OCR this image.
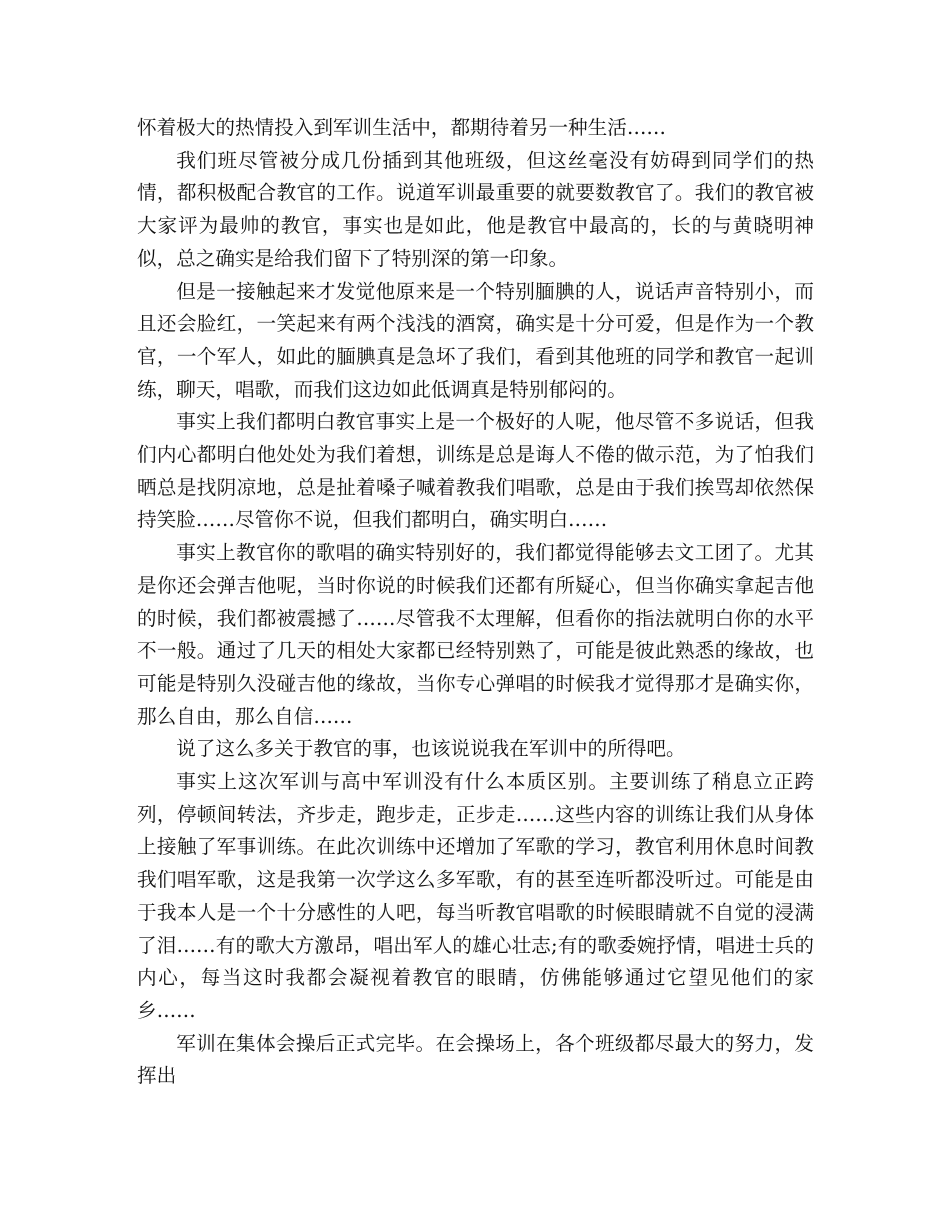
怀着极大的热情投入到军训生活中，都期待着另一种生活……

我们班尽管被分成几份插到其他班级，但这丝毫没有妨碍到同学们的热情，都积极配合教官的工作。说道军训最重要的就要数教官了。我们的教官被大家评为最帅的教官，事实也是如此，他是教官中最高的，长的与黄晓明神似，总之确实是给我们留下了特别深的第一印象。

但是一接触起来才发觉他原来是一个特别腼腆的人，说话声音特别小，而且还会脸红，一笑起来有两个浅浅的酒窝，确实是十分可爱，但是作为一个教官，一个军人，如此的腼腆真是急坏了我们，看到其他班的同学和教官一起训练，聊天，唱歌，而我们这边如此低调真是特别郁闷的。

事实上我们都明白教官事实上是一个极好的人呢，他尽管不多说话，但我们内心都明白他处处为我们着想，训练是总是诲人不倦的做示范，为了怕我们晒总是找阴凉地，总是扯着嗓子喊着教我们唱歌，总是由于我们挨骂却依然保持笑脸……尽管你不说，但我们都明白，确实明白……

事实上教官你的歌唱的确实特别好的，我们都觉得能够去文工团了。尤其是你还会弹吉他呢，当时你说的时候我们还都有所疑心，但当你确实拿起吉他的时候，我们都被震撼了……尽管我不太理解，但看你的指法就明白你的水平不一般。通过了几天的相处大家都已经特别熟了，可能是彼此熟悉的缘故，也可能是特别久没碰吉他的缘故，当你专心弹唱的时候我才觉得那才是确实你，那么自由，那么自信……

说了这么多关于教官的事，也该说说我在军训中的所得吧。

事实上这次军训与高中军训没有什么本质区别。主要训练了稍息立正跨列，停顿间转法，齐步走，跑步走，正步走……这些内容的训练让我们从身体上接触了军事训练。在此次训练中还增加了军歌的学习，教官利用休息时间教我们唱军歌，这是我第一次学这么多军歌，有的甚至连听都没听过。可能是由于我本人是一个十分感性的人吧，每当听教官唱歌的时候眼睛就不自觉的浸满了泪……有的歌大方激昂，唱出军人的雄心壮志;有的歌委婉抒情，唱进士兵的内心，每当这时我都会凝视着教官的眼睛，仿佛能够通过它望见他们的家乡……

军训在集体会操后正式完毕。在会操场上，各个班级都尽最大的努力，发挥出
